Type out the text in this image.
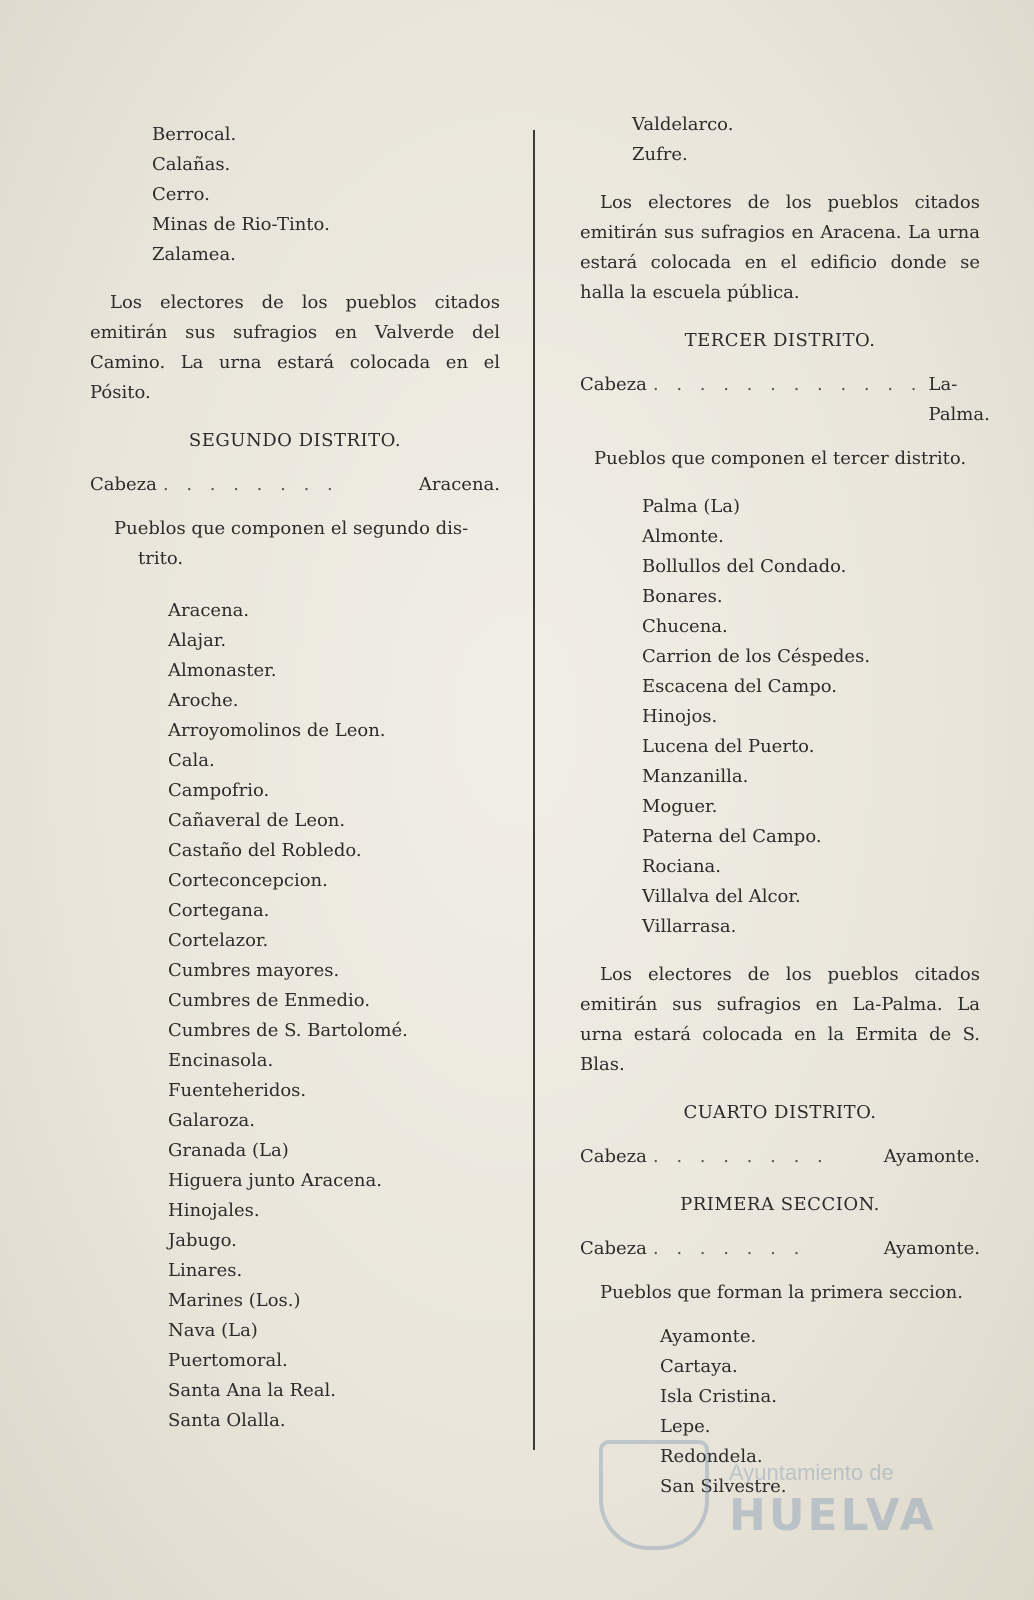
Berrocal.
Calañas.
Cerro.
Minas de Rio-Tinto.
Zalamea.

Los electores de los pueblos citados emitirán sus sufragios en Valverde del Camino. La urna estará colocada en el Pósito.

SEGUNDO DISTRITO.
Cabeza . . . . . . . .	Aracena.
Pueblos que componen el segundo dis-
trito.
Aracena.
Alajar.
Almonaster.
Aroche.
Arroyomolinos de Leon.
Cala.
Campofrio.
Cañaveral de Leon.
Castaño del Robledo.
Corteconcepcion.
Cortegana.
Cortelazor.
Cumbres mayores.
Cumbres de Enmedio.
Cumbres de S. Bartolomé.
Encinasola.
Fuenteheridos.
Galaroza.
Granada (La)
Higuera junto Aracena.
Hinojales.
Jabugo.
Linares.
Marines (Los.)
Nava (La)
Puertomoral.
Santa Ana la Real.
Santa Olalla.
Valdelarco.
Zufre.

Los electores de los pueblos citados emitirán sus sufragios en Aracena. La urna estará colocada en el edificio donde se halla la escuela pública.

TERCER DISTRITO.
Cabeza . . . . . . . . . . . . La-Palma.
Pueblos que componen el tercer distrito.
Palma (La)
Almonte.
Bollullos del Condado.
Bonares.
Chucena.
Carrion de los Céspedes.
Escacena del Campo.
Hinojos.
Lucena del Puerto.
Manzanilla.
Moguer.
Paterna del Campo.
Rociana.
Villalva del Alcor.
Villarrasa.

Los electores de los pueblos citados emitirán sus sufragios en La-Palma. La urna estará colocada en la Ermita de S. Blas.

CUARTO DISTRITO.
Cabeza . . . . . . . .	Ayamonte.
PRIMERA SECCION.
Cabeza . . . . . . .	Ayamonte.
Pueblos que forman la primera seccion.
Ayamonte.
Cartaya.
Isla Cristina.
Lepe.
Redondela.
San Silvestre.
Ayuntamiento de
HUELVA
